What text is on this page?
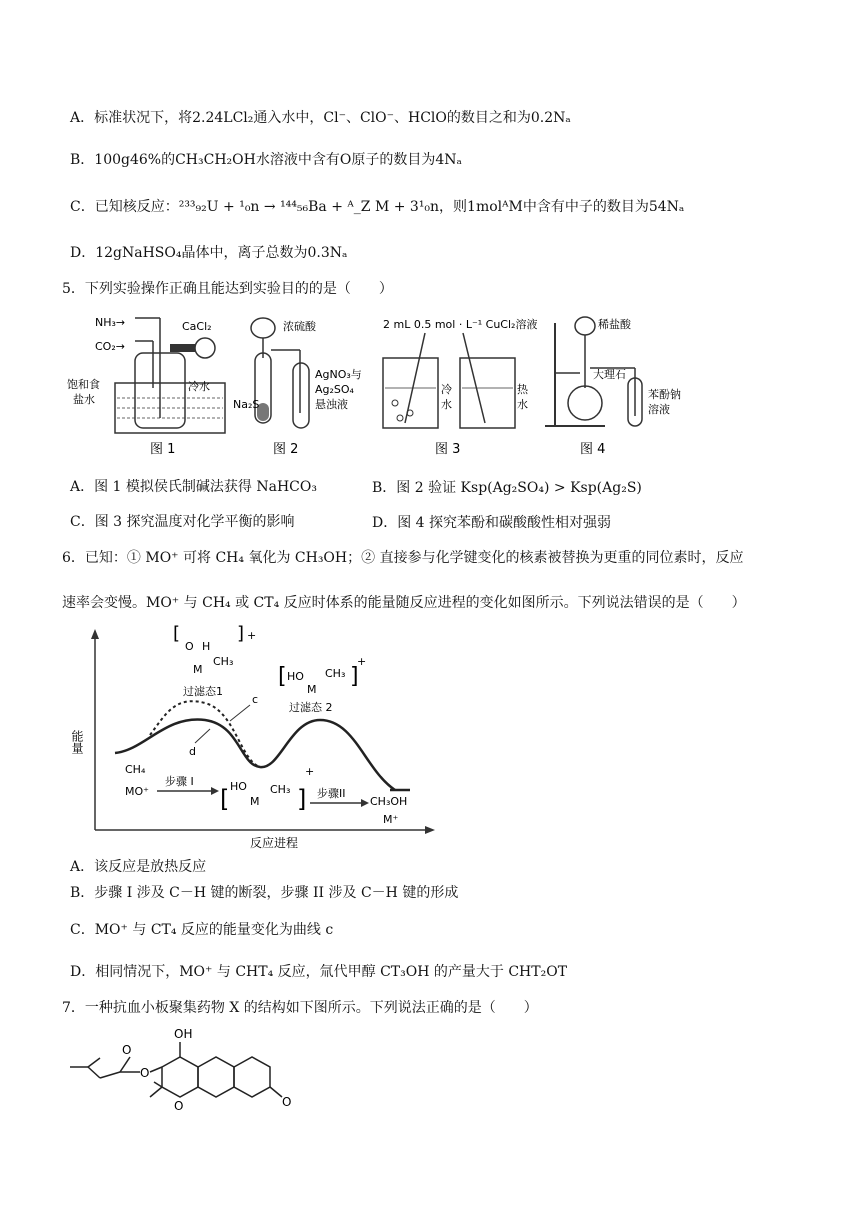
A．标准状况下，将2.24LCl₂通入水中，Cl⁻、ClO⁻、HClO的数目之和为0.2Nₐ
B．100g46%的CH₃CH₂OH水溶液中含有O原子的数目为4Nₐ
C．已知核反应：²³³₉₂U + ¹₀n → ¹⁴⁴₅₆Ba + ᴬ_Z M + 3¹₀n，则1molᴬM中含有中子的数目为54Nₐ
D．12gNaHSO₄晶体中，离子总数为0.3Nₐ
5．下列实验操作正确且能达到实验目的的是（　　）
NH₃→
CO₂→
CaCl₂
饱和食
盐水
冷水
图 1
浓硫酸
Na₂S
AgNO₃与
Ag₂SO₄
悬浊液
图 2
2 mL 0.5 mol · L⁻¹ CuCl₂溶液
冷
水
热
水
图 3
稀盐酸
大理石
苯酚钠
溶液
图 4
A．图 1 模拟侯氏制碱法获得 NaHCO₃	B．图 2 验证 Ksp(Ag₂SO₄) > Ksp(Ag₂S)
C．图 3 探究温度对化学平衡的影响	D．图 4 探究苯酚和碳酸酸性相对强弱
6．已知：① MO⁺ 可将 CH₄ 氧化为 CH₃OH；② 直接参与化学键变化的核素被替换为更重的同位素时，反应
速率会变慢。MO⁺ 与 CH₄ 或 CT₄ 反应时体系的能量随反应进程的变化如图所示。下列说法错误的是（　　）
能量
反应进程
[	]
O H
M
CH₃
+
过滤态1
[	]
HO
M
CH₃
+
过滤态 2
c
d
CH₄
MO⁺
步骤 I
[	]
HO
M
CH₃
+
步骤II
CH₃OH
M⁺
A．该反应是放热反应
B．步骤 I 涉及 C－H 键的断裂，步骤 II 涉及 C－H 键的形成
C．MO⁺ 与 CT₄ 反应的能量变化为曲线 c
D．相同情况下，MO⁺ 与 CHT₄ 反应，氚代甲醇 CT₃OH 的产量大于 CHT₂OT
7．一种抗血小板聚集药物 X 的结构如下图所示。下列说法正确的是（　　）
OH
O
O
O	O
